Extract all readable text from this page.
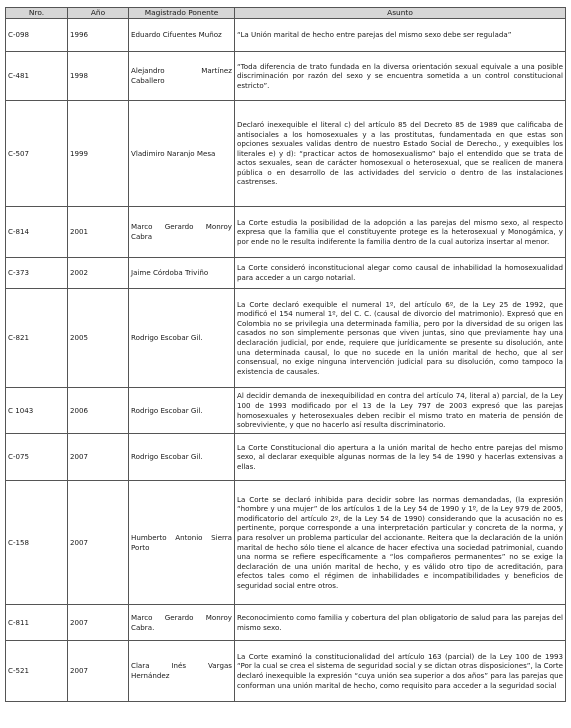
Nro.	Año	Magistrado Ponente	Asunto
C-098	1996	Eduardo Cifuentes Muñoz	“La Unión marital de hecho entre parejas del mismo sexo debe ser regulada”
C-481	1998	Alejandro Martínez Caballero	“Toda diferencia de trato fundada en la diversa orientación sexual equivale a una posible discriminación por razón del sexo y se encuentra sometida a un control constitucional estricto”.
C-507	1999	Vladimiro Naranjo Mesa	Declaró inexequible el literal c) del artículo 85 del Decreto 85 de 1989 que calificaba de antisociales a los homosexuales y a las prostitutas, fundamentada en que estas son opciones sexuales validas dentro de nuestro Estado Social de Derecho., y exequibles los literales e) y d): “practicar actos de homosexualismo” bajo el entendido que se trata de actos sexuales, sean de carácter homosexual o heterosexual, que se realicen de manera pública o en desarrollo de las actividades del servicio o dentro de las instalaciones castrenses.
C-814	2001	Marco Gerardo Monroy Cabra	La Corte estudia la posibilidad de la adopción a las parejas del mismo sexo, al respecto expresa que la familia que el constituyente protege es la heterosexual y Monogámica, y por ende no le resulta indiferente la familia dentro de la cual autoriza insertar al menor.
C-373	2002	Jaime Córdoba Triviño	La Corte consideró inconstitucional alegar como causal de inhabilidad la homosexualidad para acceder a un cargo notarial.
C-821	2005	Rodrigo Escobar Gil.	La Corte declaró exequible el numeral 1º, del artículo 6º, de la Ley 25 de 1992, que modificó el 154 numeral 1º, del C. C. (causal de divorcio del matrimonio). Expresó que en Colombia no se privilegia una determinada familia, pero por la diversidad de su origen las casados no son simplemente personas que viven juntas, sino que previamente hay una declaración judicial, por ende, requiere que jurídicamente se presente su disolución, ante una determinada causal, lo que no sucede en la unión marital de hecho, que al ser consensual, no exige ninguna intervención judicial para su disolución, como tampoco la existencia de causales.
C 1043	2006	Rodrigo Escobar Gil.	Al decidir demanda de inexequibilidad en contra del artículo 74, literal a) parcial, de la Ley 100 de 1993 modificado por el 13 de la Ley 797 de 2003 expresó que las parejas homosexuales y heterosexuales deben recibir el mismo trato en materia de pensión de sobreviviente, y que no hacerlo así resulta discriminatorio.
C-075	2007	Rodrigo Escobar Gil.	La Corte Constitucional dio apertura a la unión marital de hecho entre parejas del mismo sexo, al declarar exequible algunas normas de la ley 54 de 1990 y hacerlas extensivas a ellas.
C-158	2007	Humberto Antonio Sierra Porto	La Corte se declaró inhibida para decidir sobre las normas demandadas, (la expresión “hombre y una mujer” de los artículos 1 de la Ley 54 de 1990 y 1º, de la Ley 979 de 2005, modificatorio del artículo 2º, de la Ley 54 de 1990) considerando que la acusación no es pertinente, porque corresponde a una interpretación particular y concreta de la norma, y para resolver un problema particular del accionante. Reitera que la declaración de la unión marital de hecho sólo tiene el alcance de hacer efectiva una sociedad patrimonial, cuando una norma se refiere específicamente a “los compañeros permanentes” no se exige la declaración de una unión marital de hecho, y es válido otro tipo de acreditación, para efectos tales como el régimen de inhabilidades e incompatibilidades y beneficios de seguridad social entre otros.
C-811	2007	Marco Gerardo Monroy Cabra.	Reconocimiento como familia y cobertura del plan obligatorio de salud para las parejas del mismo sexo.
C-521	2007	Clara Inés Vargas Hernández	La Corte examinó la constitucionalidad del artículo 163 (parcial) de la Ley 100 de 1993 “Por la cual se crea el sistema de seguridad social y se dictan otras disposiciones”, la Corte declaró inexequible la expresión “cuya unión sea superior a dos años” para las parejas que conforman una unión marital de hecho, como requisito para acceder a la seguridad social
